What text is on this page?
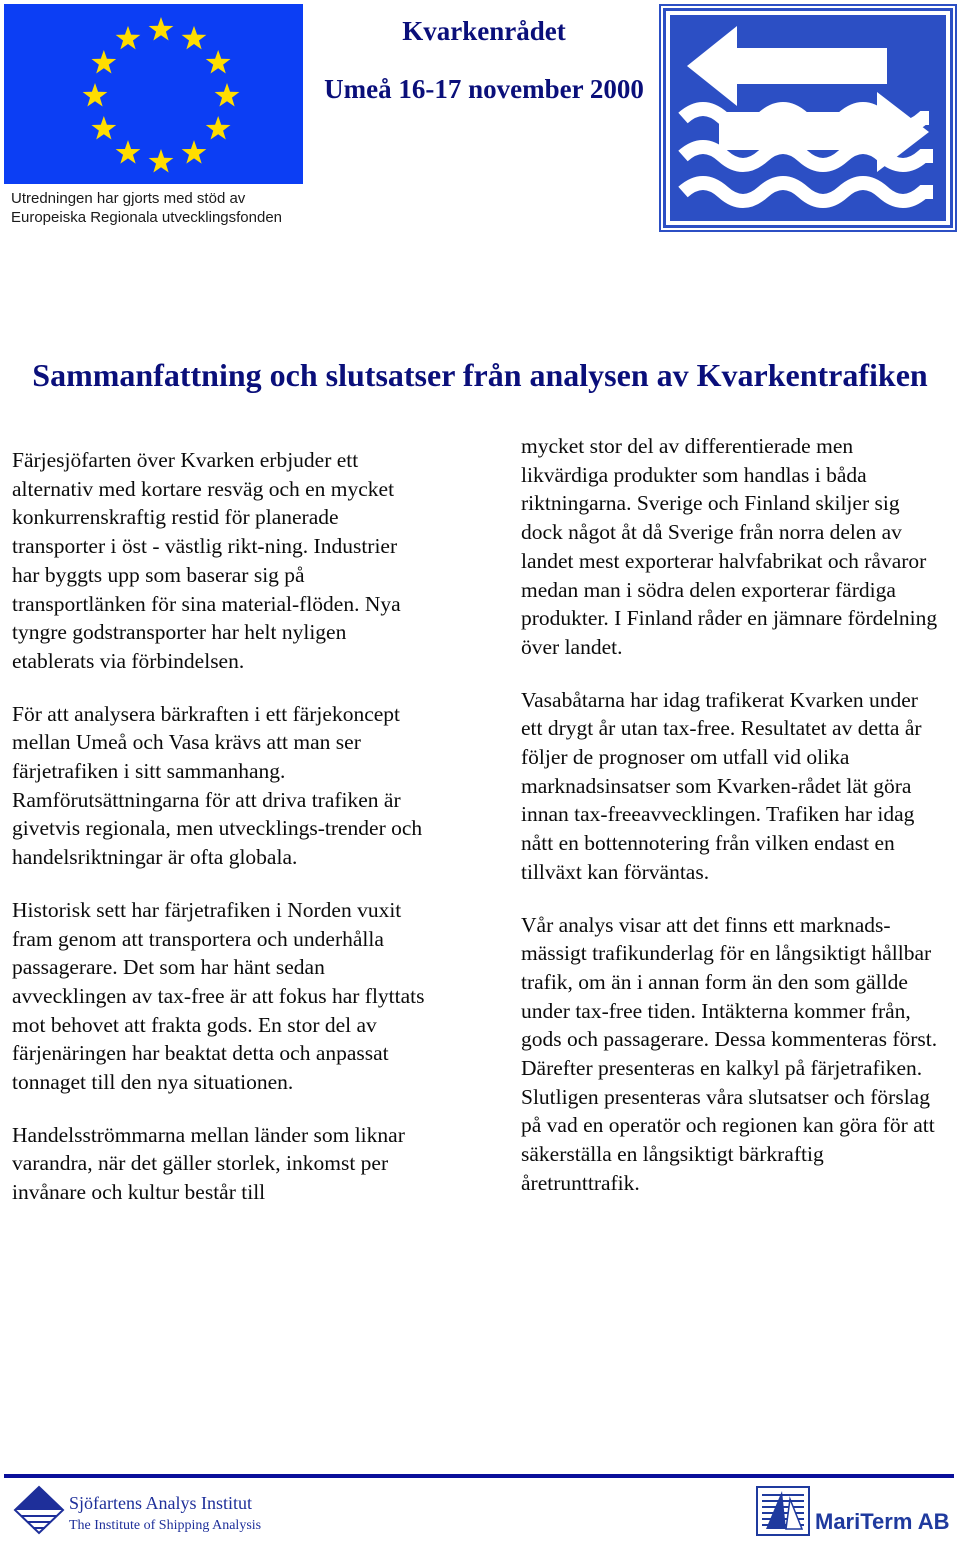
Utredningen har gjorts med stöd av
Europeiska Regionala utvecklingsfonden
Kvarkenrådet
Umeå 16-17 november 2000
Sammanfattning och slutsatser från analysen av Kvarkentrafiken

Färjesjöfarten över Kvarken erbjuder ett alternativ med kortare resväg och en mycket konkurrenskraftig restid för planerade transporter i öst - västlig rikt-ning. Industrier har byggts upp som baserar sig på transportlänken för sina material-flöden. Nya tyngre godstransporter har helt nyligen etablerats via förbindelsen.

För att analysera bärkraften i ett färjekoncept mellan Umeå och Vasa krävs att man ser färjetrafiken i sitt sammanhang. Ramförutsättningarna för att driva trafiken är givetvis regionala, men utvecklings-trender och handelsriktningar är ofta globala.

Historisk sett har färjetrafiken i Norden vuxit fram genom att transportera och underhålla passagerare. Det som har hänt sedan avvecklingen av tax-free är att fokus har flyttats mot behovet att frakta gods. En stor del av färjenäringen har beaktat detta och anpassat tonnaget till den nya situationen.

Handelsströmmarna mellan länder som liknar varandra, när det gäller storlek, inkomst per invånare och kultur består till

mycket stor del av differentierade men likvärdiga produkter som handlas i båda riktningarna. Sverige och Finland skiljer sig dock något åt då Sverige från norra delen av landet mest exporterar halvfabrikat och råvaror medan man i södra delen exporterar färdiga produkter. I Finland råder en jämnare fördelning över landet.

Vasabåtarna har idag trafikerat Kvarken under ett drygt år utan tax-free. Resultatet av detta år följer de prognoser om utfall vid olika marknadsinsatser som Kvarken-rådet lät göra innan tax-freeavvecklingen. Trafiken har idag nått en bottennotering från vilken endast en tillväxt kan förväntas.

Vår analys visar att det finns ett marknads-mässigt trafikunderlag för en långsiktigt hållbar trafik, om än i annan form än den som gällde under tax-free tiden. Intäkterna kommer från, gods och passagerare. Dessa kommenteras först. Därefter presenteras en kalkyl på färjetrafiken. Slutligen presenteras våra slutsatser och förslag på vad en operatör och regionen kan göra för att säkerställa en långsiktigt bärkraftig åretrunttrafik.

Sjöfartens Analys Institut
The Institute of Shipping Analysis	MariTerm AB
